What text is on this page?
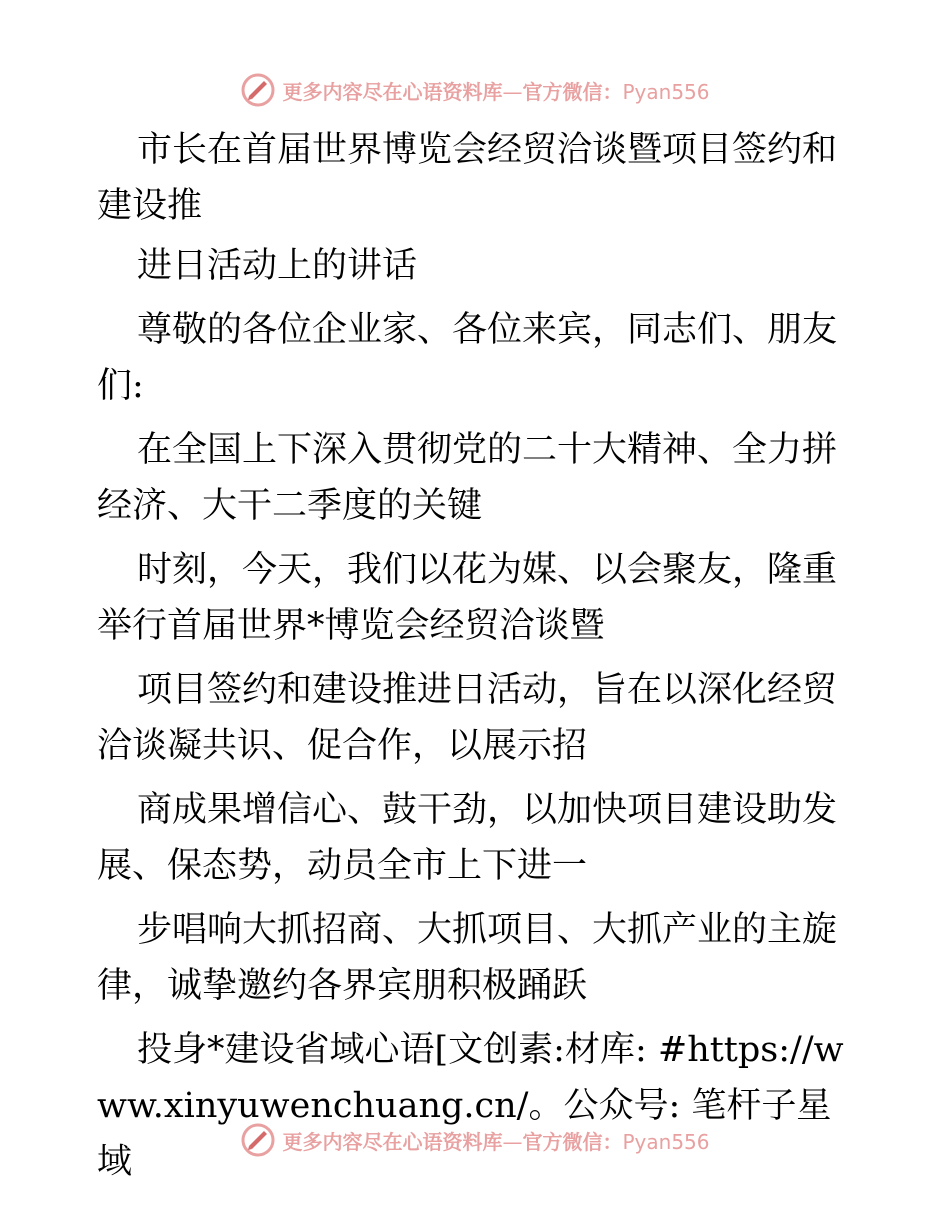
更多内容尽在心语资料库—官方微信：Pyan556

市长在首届世界博览会经贸洽谈暨项目签约和建设推

进日活动上的讲话

尊敬的各位企业家、各位来宾，同志们、朋友们:

在全国上下深入贯彻党的二十大精神、全力拼经济、大干二季度的关键

时刻，今天，我们以花为媒、以会聚友，隆重举行首届世界*博览会经贸洽谈暨

项目签约和建设推进日活动，旨在以深化经贸洽谈凝共识、促合作，以展示招

商成果增信心、鼓干劲，以加快项目建设助发展、保态势，动员全市上下进一

步唱响大抓招商、大抓项目、大抓产业的主旋律，诚挚邀约各界宾朋积极踊跃

投身*建设省域心语[文创素:材库: #https://www.xinyuwenchuang.cn/。公众号: 笔杆子星域

更多内容尽在心语资料库—官方微信：Pyan556
